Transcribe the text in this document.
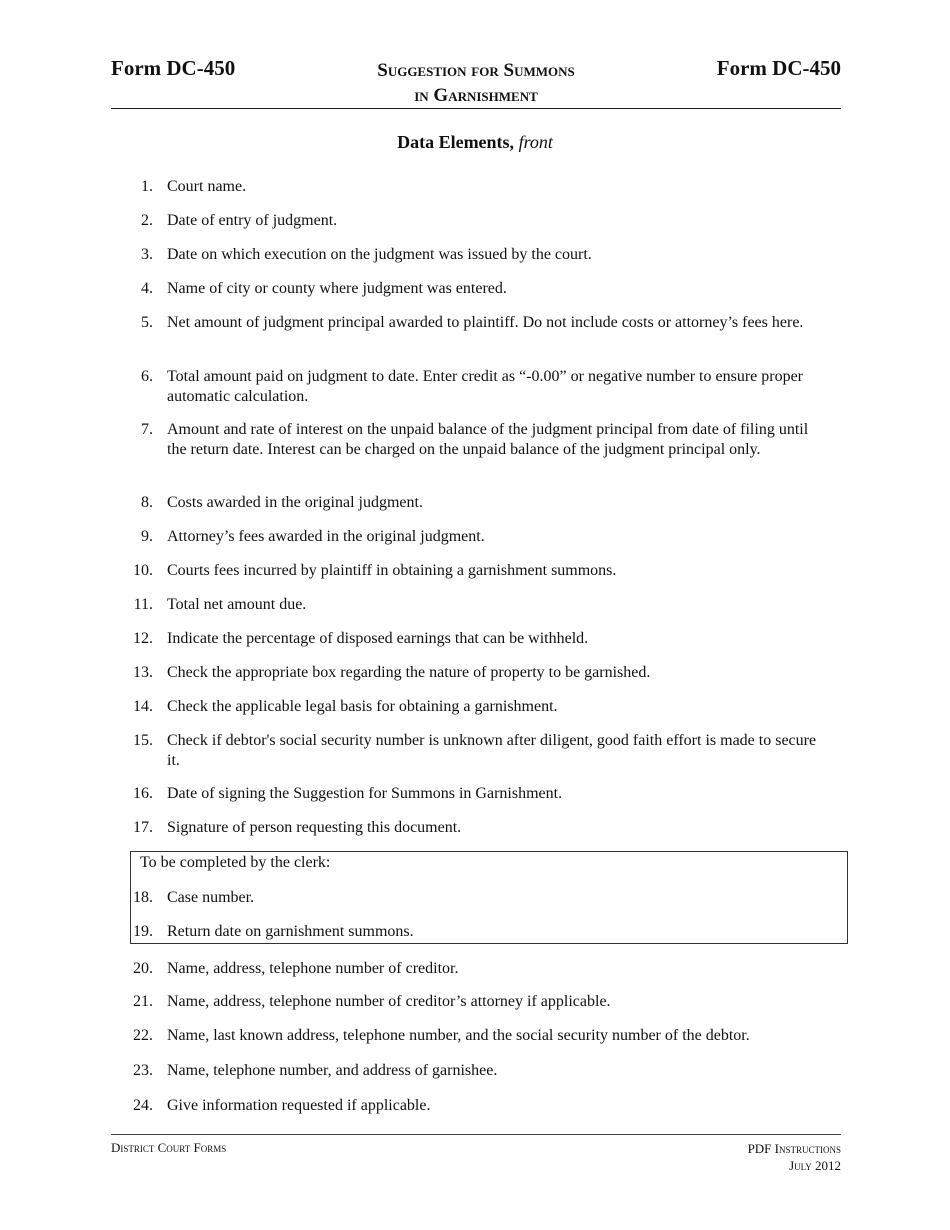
Form DC-450	Suggestion for Summons
in Garnishment
Form DC-450
Data Elements, front
1. Court name.
2. Date of entry of judgment.
3. Date on which execution on the judgment was issued by the court.
4. Name of city or county where judgment was entered.
5. Net amount of judgment principal awarded to plaintiff. Do not include costs or attorney’s fees here.
6. Total amount paid on judgment to date. Enter credit as “-0.00” or negative number to ensure proper automatic calculation.
7. Amount and rate of interest on the unpaid balance of the judgment principal from date of filing until the return date. Interest can be charged on the unpaid balance of the judgment principal only.
8. Costs awarded in the original judgment.
9. Attorney’s fees awarded in the original judgment.
10. Courts fees incurred by plaintiff in obtaining a garnishment summons.
11. Total net amount due.
12. Indicate the percentage of disposed earnings that can be withheld.
13. Check the appropriate box regarding the nature of property to be garnished.
14. Check the applicable legal basis for obtaining a garnishment.
15. Check if debtor's social security number is unknown after diligent, good faith effort is made to secure it.
16. Date of signing the Suggestion for Summons in Garnishment.
17. Signature of person requesting this document.
To be completed by the clerk:
18. Case number.
19. Return date on garnishment summons.
20. Name, address, telephone number of creditor.
21. Name, address, telephone number of creditor’s attorney if applicable.
22. Name, last known address, telephone number, and the social security number of the debtor.
23. Name, telephone number, and address of garnishee.
24. Give information requested if applicable.
District Court Forms	PDF Instructions
July 2012
